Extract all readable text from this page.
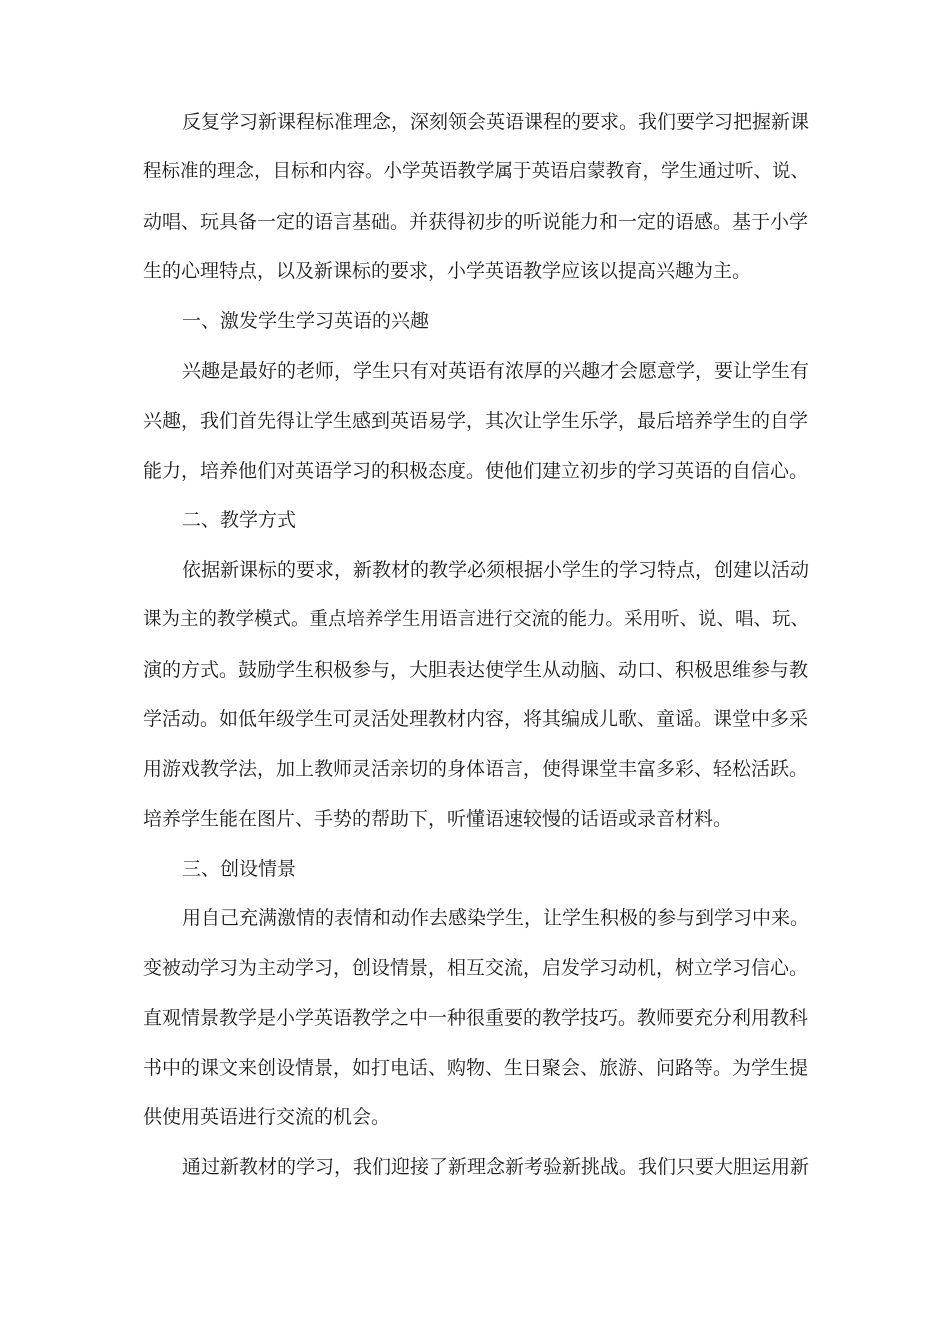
反复学习新课程标准理念，深刻领会英语课程的要求。我们要学习把握新课

程标准的理念，目标和内容。小学英语教学属于英语启蒙教育，学生通过听、说、

动唱、玩具备一定的语言基础。并获得初步的听说能力和一定的语感。基于小学

生的心理特点，以及新课标的要求，小学英语教学应该以提高兴趣为主。

一、激发学生学习英语的兴趣

兴趣是最好的老师，学生只有对英语有浓厚的兴趣才会愿意学，要让学生有

兴趣，我们首先得让学生感到英语易学，其次让学生乐学，最后培养学生的自学

能力，培养他们对英语学习的积极态度。使他们建立初步的学习英语的自信心。

二、教学方式

依据新课标的要求，新教材的教学必须根据小学生的学习特点，创建以活动

课为主的教学模式。重点培养学生用语言进行交流的能力。采用听、说、唱、玩、

演的方式。鼓励学生积极参与，大胆表达使学生从动脑、动口、积极思维参与教

学活动。如低年级学生可灵活处理教材内容，将其编成儿歌、童谣。课堂中多采

用游戏教学法，加上教师灵活亲切的身体语言，使得课堂丰富多彩、轻松活跃。

培养学生能在图片、手势的帮助下，听懂语速较慢的话语或录音材料。

三、创设情景

用自己充满激情的表情和动作去感染学生，让学生积极的参与到学习中来。

变被动学习为主动学习，创设情景，相互交流，启发学习动机，树立学习信心。

直观情景教学是小学英语教学之中一种很重要的教学技巧。教师要充分利用教科

书中的课文来创设情景，如打电话、购物、生日聚会、旅游、问路等。为学生提

供使用英语进行交流的机会。

通过新教材的学习，我们迎接了新理念新考验新挑战。我们只要大胆运用新
